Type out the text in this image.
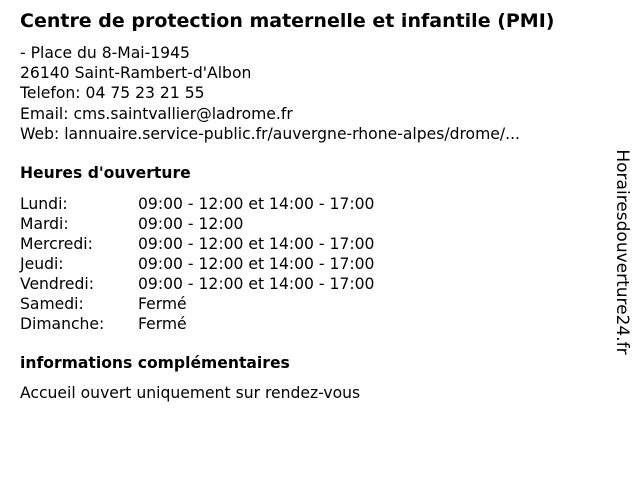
Centre de protection maternelle et infantile (PMI)
- Place du 8-Mai-1945
26140 Saint-Rambert-d'Albon
Telefon: 04 75 23 21 55
Email: cms.saintvallier@ladrome.fr
Web: lannuaire.service-public.fr/auvergne-rhone-alpes/drome/...
Heures d'ouverture
Lundi:	09:00 - 12:00 et 14:00 - 17:00
Mardi:	09:00 - 12:00
Mercredi:	09:00 - 12:00 et 14:00 - 17:00
Jeudi:	09:00 - 12:00 et 14:00 - 17:00
Vendredi:	09:00 - 12:00 et 14:00 - 17:00
Samedi:	Fermé
Dimanche:	Fermé
informations complémentaires
Accueil ouvert uniquement sur rendez-vous
Horairesdouverture24.fr
